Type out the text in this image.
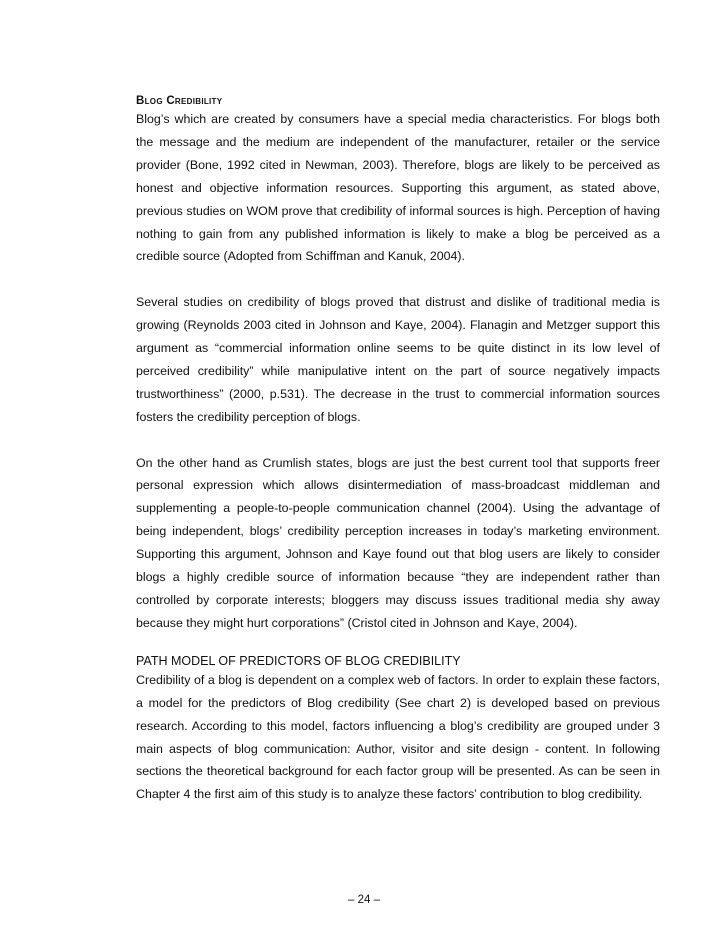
Blog Credibility

Blog’s which are created by consumers have a special media characteristics. For blogs both the message and the medium are independent of the manufacturer, retailer or the service provider (Bone, 1992 cited in Newman, 2003). Therefore, blogs are likely to be perceived as honest and objective information resources. Supporting this argument, as stated above, previous studies on WOM prove that credibility of informal sources is high. Perception of having nothing to gain from any published information is likely to make a blog be perceived as a credible source (Adopted from Schiffman and Kanuk, 2004).

Several studies on credibility of blogs proved that distrust and dislike of traditional media is growing (Reynolds 2003 cited in Johnson and Kaye, 2004). Flanagin and Metzger support this argument as “commercial information online seems to be quite distinct in its low level of perceived credibility” while manipulative intent on the part of source negatively impacts trustworthiness” (2000, p.531). The decrease in the trust to commercial information sources fosters the credibility perception of blogs.

On the other hand as Crumlish states, blogs are just the best current tool that supports freer personal expression which allows disintermediation of mass-broadcast middleman and supplementing a people-to-people communication channel (2004). Using the advantage of being independent, blogs’ credibility perception increases in today’s marketing environment. Supporting this argument, Johnson and Kaye found out that blog users are likely to consider blogs a highly credible source of information because “they are independent rather than controlled by corporate interests; bloggers may discuss issues traditional media shy away because they might hurt corporations” (Cristol cited in Johnson and Kaye, 2004).

PATH MODEL OF PREDICTORS OF BLOG CREDIBILITY

Credibility of a blog is dependent on a complex web of factors. In order to explain these factors, a model for the predictors of Blog credibility (See chart 2) is developed based on previous research. According to this model, factors influencing a blog’s credibility are grouped under 3 main aspects of blog communication: Author, visitor and site design - content. In following sections the theoretical background for each factor group will be presented. As can be seen in Chapter 4 the first aim of this study is to analyze these factors’ contribution to blog credibility.

– 24 –
